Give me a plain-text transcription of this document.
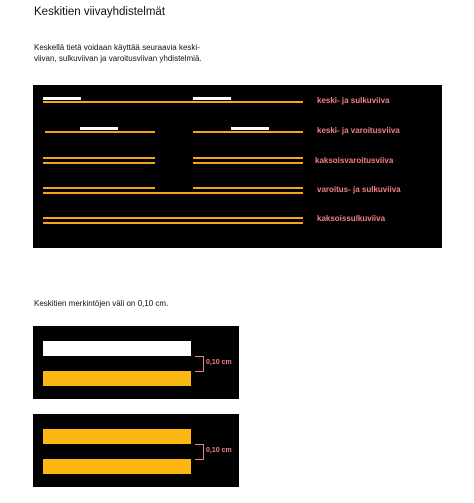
Keskitien viivayhdistelmät
Keskellä tietä voidaan käyttää seuraavia keski-
viivan, sulkuviivan ja varoitusviivan yhdistelmiä.
keski- ja sulkuviiva
keski- ja varoitusviiva
kaksoisvaroitusviiva
varoitus- ja sulkuviiva
kaksoissulkuviiva
Keskitien merkintöjen väli on 0,10 cm.
0,10 cm
0,10 cm
